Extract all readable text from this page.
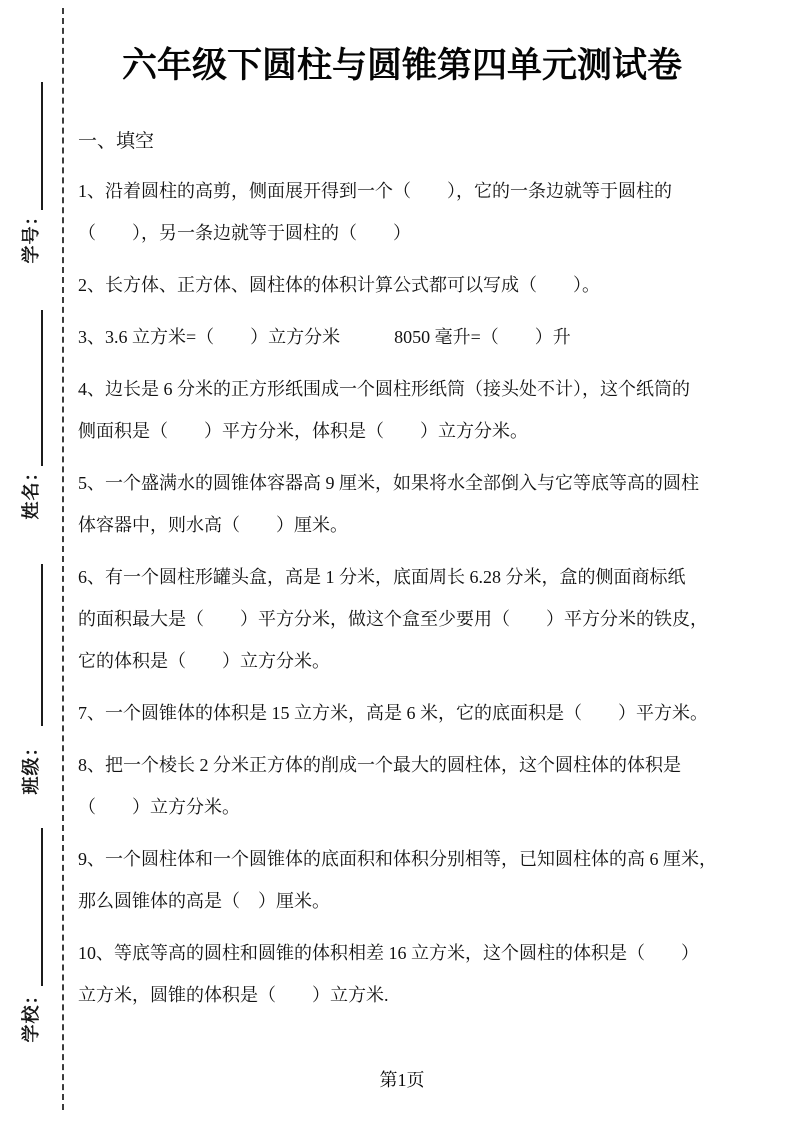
学号：
姓名：
班级：
学校：
六年级下圆柱与圆锥第四单元测试卷
一、填空

1、沿着圆柱的高剪，侧面展开得到一个（　　），它的一条边就等于圆柱的
（　　），另一条边就等于圆柱的（　　）

2、长方体、正方体、圆柱体的体积计算公式都可以写成（　　）。

3、3.6 立方米=（　　）立方分米　　　8050 毫升=（　　）升

4、边长是 6 分米的正方形纸围成一个圆柱形纸筒（接头处不计），这个纸筒的
侧面积是（　　）平方分米，体积是（　　）立方分米。

5、一个盛满水的圆锥体容器高 9 厘米，如果将水全部倒入与它等底等高的圆柱
体容器中，则水高（　　）厘米。

6、有一个圆柱形罐头盒，高是 1 分米，底面周长 6.28 分米，盒的侧面商标纸
的面积最大是（　　）平方分米，做这个盒至少要用（　　）平方分米的铁皮，
它的体积是（　　）立方分米。

7、一个圆锥体的体积是 15 立方米，高是 6 米，它的底面积是（　　）平方米。

8、把一个棱长 2 分米正方体的削成一个最大的圆柱体，这个圆柱体的体积是
（　　）立方分米。

9、一个圆柱体和一个圆锥体的底面积和体积分别相等，已知圆柱体的高 6 厘米，
那么圆锥体的高是（　）厘米。

10、等底等高的圆柱和圆锥的体积相差 16 立方米，这个圆柱的体积是（　　）
立方米，圆锥的体积是（　　）立方米.

第1页
